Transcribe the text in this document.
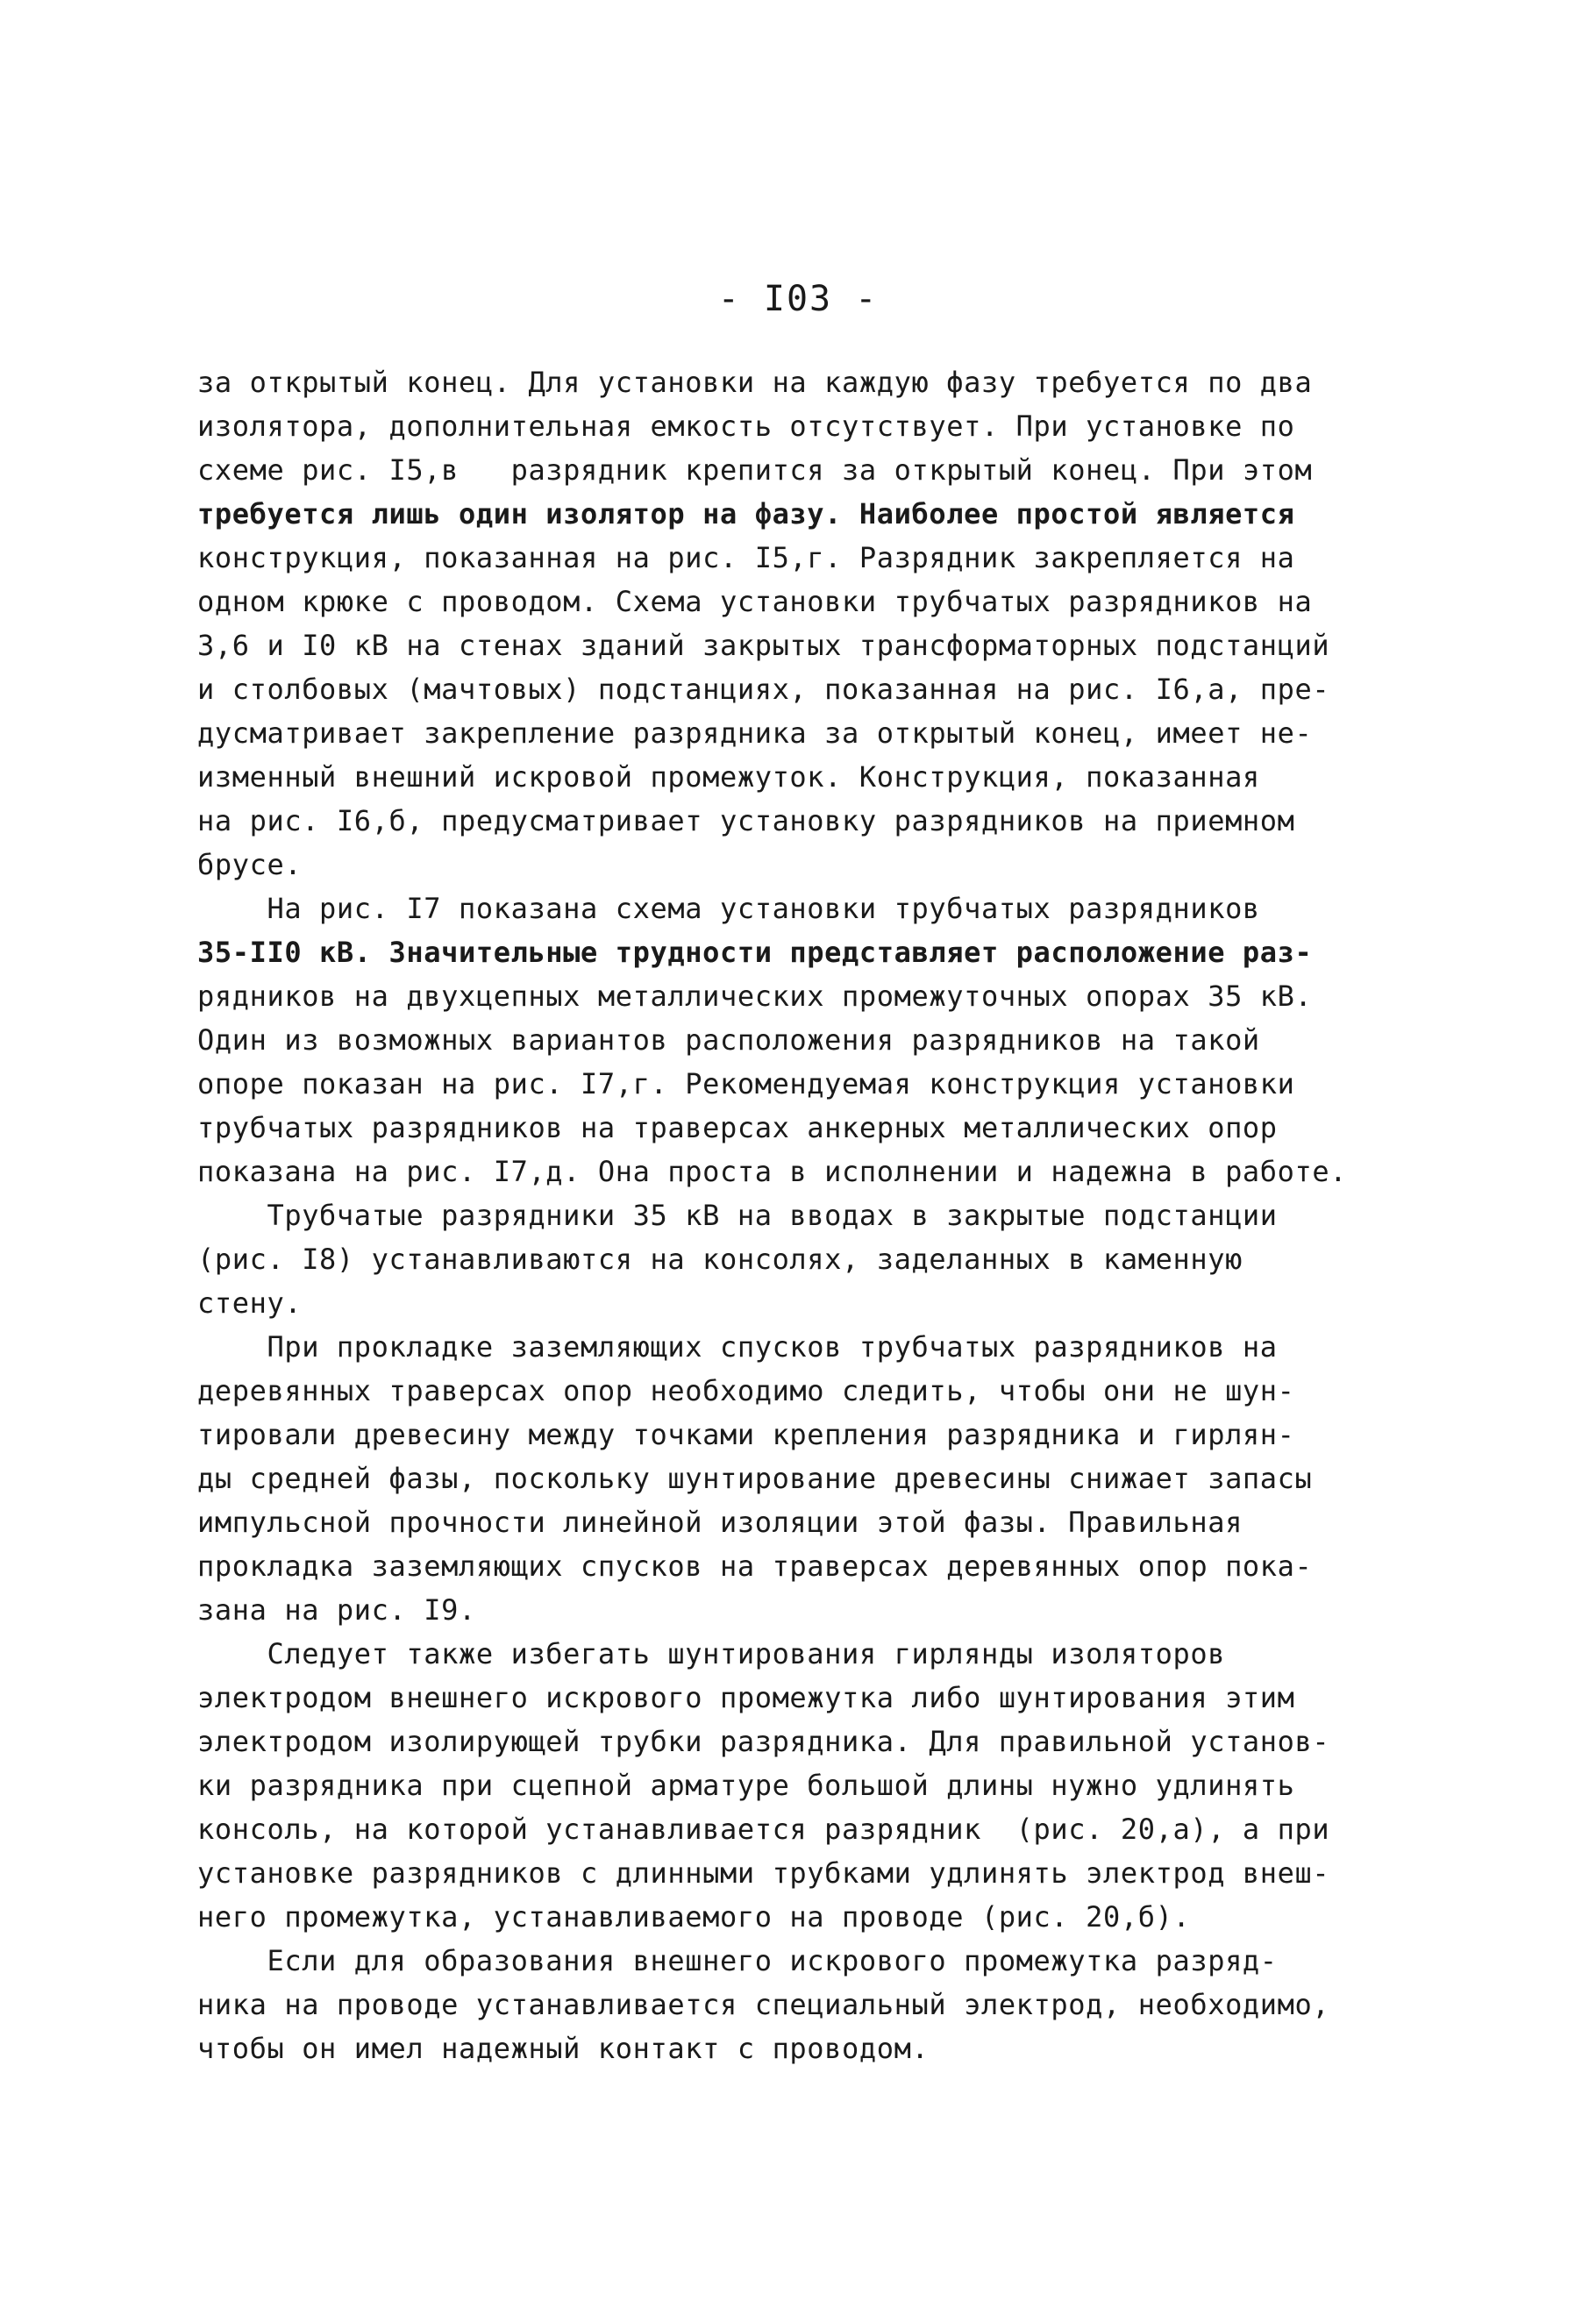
- I03 -
за открытый конец. Для установки на каждую фазу требуется по два
изолятора, дополнительная емкость отсутствует. При установке по
схеме рис. I5,в   разрядник крепится за открытый конец. При этом
требуется лишь один изолятор на фазу. Наиболее простой является
конструкция, показанная на рис. I5,г. Разрядник закрепляется на
одном крюке с проводом. Схема установки трубчатых разрядников на
3,6 и I0 кВ на стенах зданий закрытых трансформаторных подстанций
и столбовых (мачтовых) подстанциях, показанная на рис. I6,а, пре-
дусматривает закрепление разрядника за открытый конец, имеет не-
изменный внешний искровой промежуток. Конструкция, показанная
на рис. I6,б, предусматривает установку разрядников на приемном
брусе.
На рис. I7 показана схема установки трубчатых разрядников
35-II0 кВ. Значительные трудности представляет расположение раз-
рядников на двухцепных металлических промежуточных опорах 35 кВ.
Один из возможных вариантов расположения разрядников на такой
опоре показан на рис. I7,г. Рекомендуемая конструкция установки
трубчатых разрядников на траверсах анкерных металлических опор
показана на рис. I7,д. Она проста в исполнении и надежна в работе.
Трубчатые разрядники 35 кВ на вводах в закрытые подстанции
(рис. I8) устанавливаются на консолях, заделанных в каменную
стену.
При прокладке заземляющих спусков трубчатых разрядников на
деревянных траверсах опор необходимо следить, чтобы они не шун-
тировали древесину между точками крепления разрядника и гирлян-
ды средней фазы, поскольку шунтирование древесины снижает запасы
импульсной прочности линейной изоляции этой фазы. Правильная
прокладка заземляющих спусков на траверсах деревянных опор пока-
зана на рис. I9.
Следует также избегать шунтирования гирлянды изоляторов
электродом внешнего искрового промежутка либо шунтирования этим
электродом изолирующей трубки разрядника. Для правильной установ-
ки разрядника при сцепной арматуре большой длины нужно удлинять
консоль, на которой устанавливается разрядник  (рис. 20,а), а при
установке разрядников с длинными трубками удлинять электрод внеш-
него промежутка, устанавливаемого на проводе (рис. 20,б).
Если для образования внешнего искрового промежутка разряд-
ника на проводе устанавливается специальный электрод, необходимо,
чтобы он имел надежный контакт с проводом.
